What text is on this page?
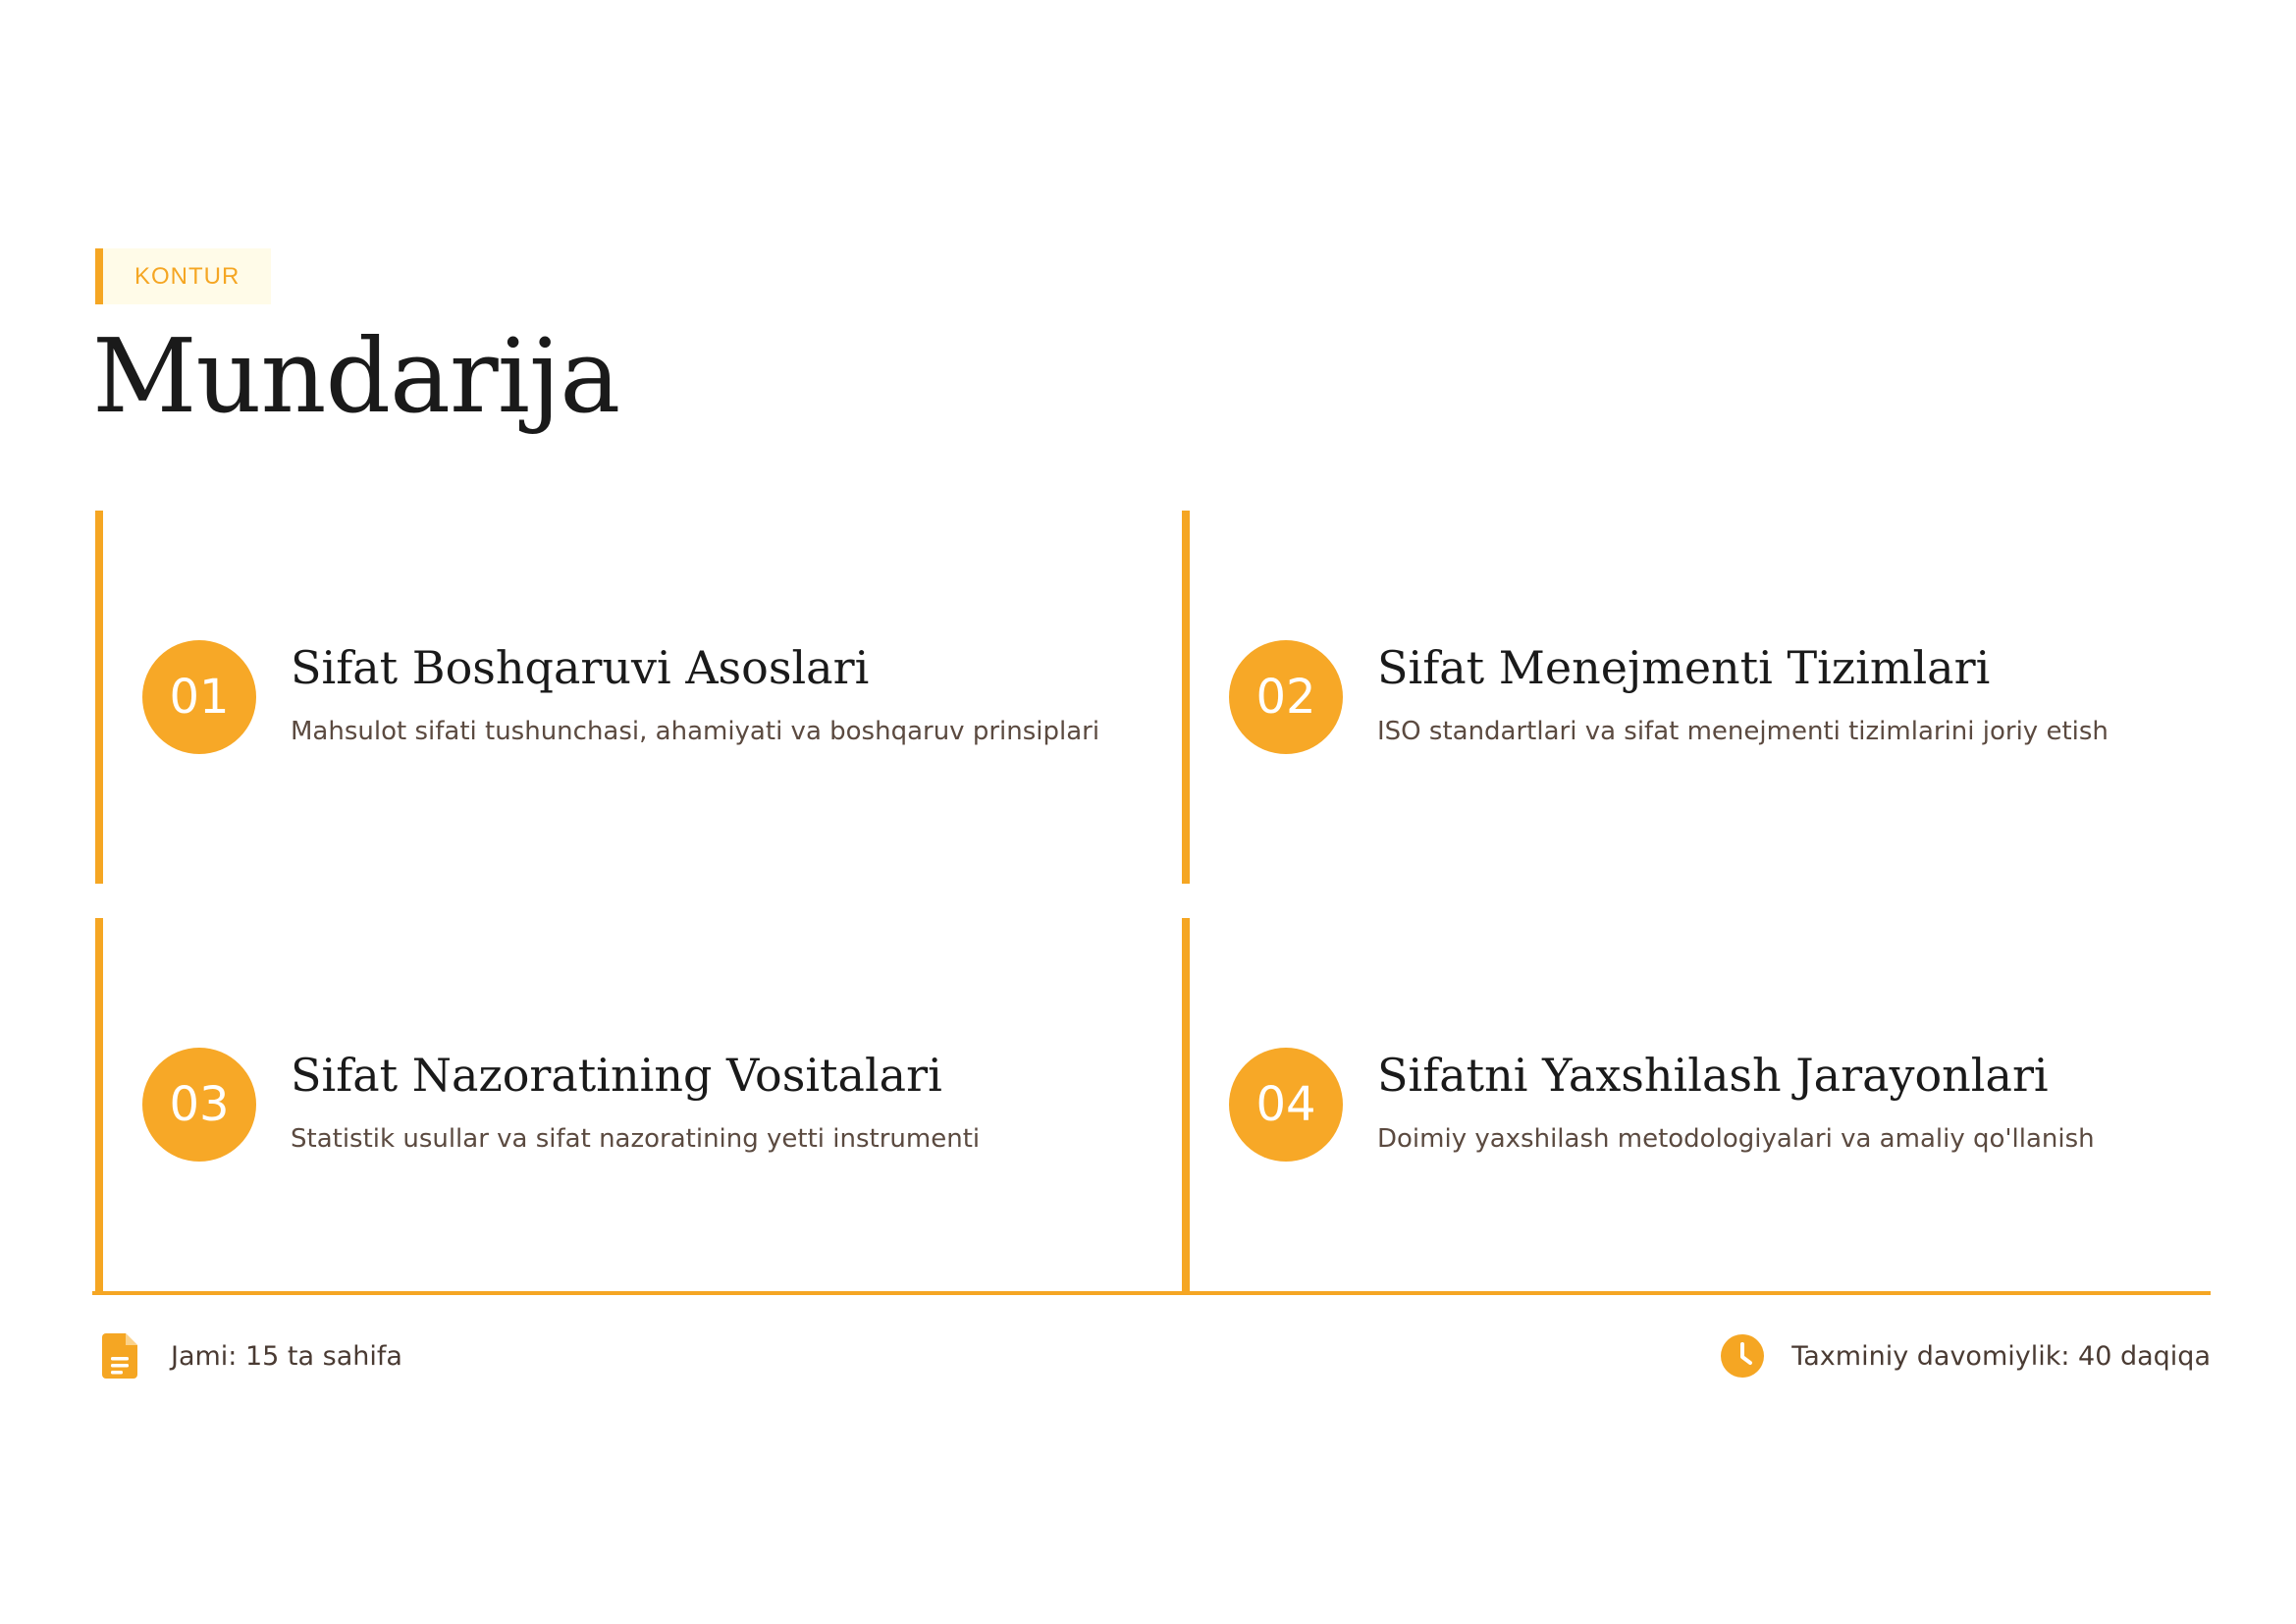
KONTUR
Mundarija
01
Sifat Boshqaruvi Asoslari
Mahsulot sifati tushunchasi, ahamiyati va boshqaruv prinsiplari
02
Sifat Menejmenti Tizimlari
ISO standartlari va sifat menejmenti tizimlarini joriy etish
03
Sifat Nazoratining Vositalari
Statistik usullar va sifat nazoratining yetti instrumenti
04
Sifatni Yaxshilash Jarayonlari
Doimiy yaxshilash metodologiyalari va amaliy qo'llanish
Jami: 15 ta sahifa	Taxminiy davomiylik: 40 daqiqa
